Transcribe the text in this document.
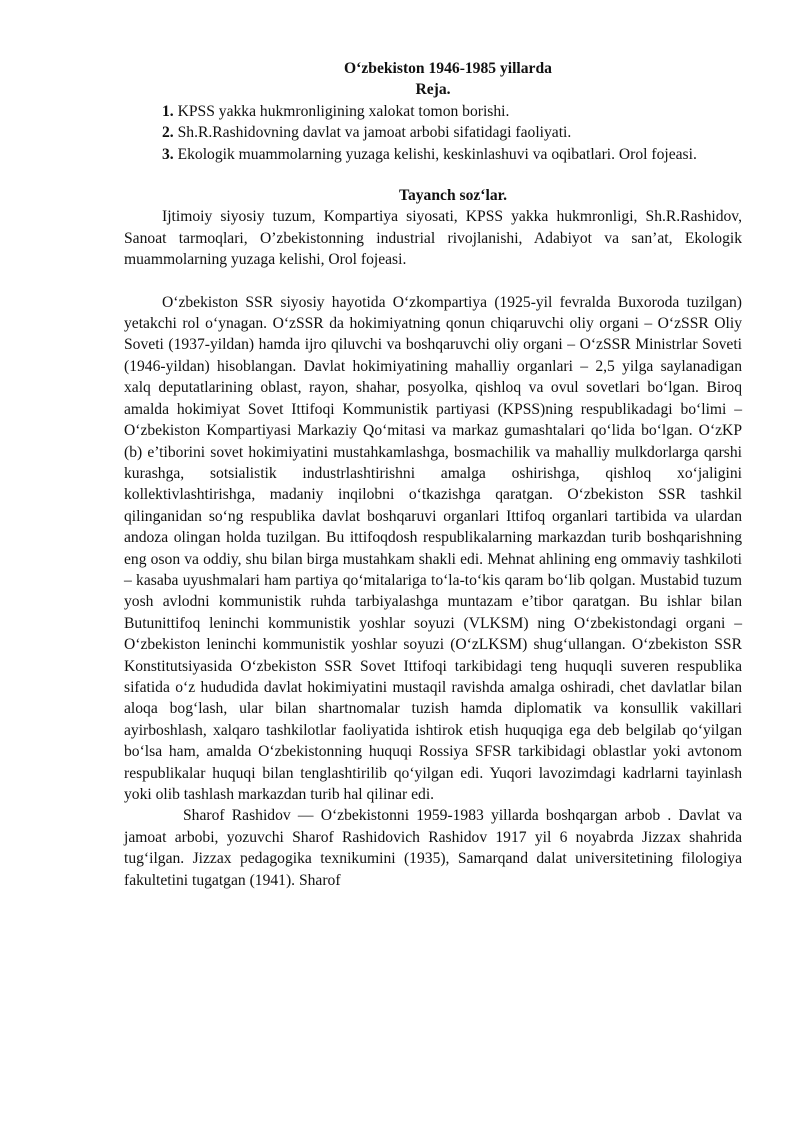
O‘zbekiston 1946-1985 yillarda

Reja.

1. KPSS yakka hukmronligining xalokat tomon borishi.

2. Sh.R.Rashidovning davlat va jamoat arbobi sifatidagi faoliyati.

3. Ekologik muammolarning yuzaga kelishi, keskinlashuvi va oqibatlari. Orol fojeasi.

Tayanch soz‘lar.

Ijtimoiy siyosiy tuzum, Kompartiya siyosati, KPSS yakka hukmronligi, Sh.R.Rashidov, Sanoat tarmoqlari, O’zbekistonning industrial rivojlanishi, Adabiyot va san’at, Ekologik muammolarning yuzaga kelishi, Orol fojeasi.

O‘zbekiston SSR siyosiy hayotida O‘zkompartiya (1925-yil fevralda Buxoroda tuzilgan) yetakchi rol o‘ynagan. O‘zSSR da hokimiyatning qonun chiqaruvchi oliy organi – O‘zSSR Oliy Soveti (1937-yildan) hamda ijro qiluvchi va boshqaruvchi oliy organi – O‘zSSR Ministrlar Soveti (1946-yildan) hisoblangan. Davlat hokimiyatining mahalliy organlari – 2,5 yilga saylanadigan xalq deputatlarining oblast, rayon, shahar, posyolka, qishloq va ovul sovetlari bo‘lgan. Biroq amalda hokimiyat Sovet Ittifoqi Kommunistik partiyasi (KPSS)ning respublikadagi bo‘limi – O‘zbekiston Kompartiyasi Markaziy Qo‘mitasi va markaz gumashtalari qo‘lida bo‘lgan. O‘zKP (b) e’tiborini sovet hokimiyatini mustahkamlashga, bosmachilik va mahalliy mulkdorlarga qarshi kurashga, sotsialistik industrlashtirishni amalga oshirishga, qishloq xo‘jaligini kollektivlashtirishga, madaniy inqilobni o‘tkazishga qaratgan. O‘zbekiston SSR tashkil qilinganidan so‘ng respublika davlat boshqaruvi organlari Ittifoq organlari tartibida va ulardan andoza olingan holda tuzilgan. Bu ittifoqdosh respublikalarning markazdan turib boshqarishning eng oson va oddiy, shu bilan birga mustahkam shakli edi. Mehnat ahlining eng ommaviy tashkiloti – kasaba uyushmalari ham partiya qo‘mitalariga to‘la-to‘kis qaram bo‘lib qolgan. Mustabid tuzum yosh avlodni kommunistik ruhda tarbiyalashga muntazam e’tibor qaratgan. Bu ishlar bilan Butunittifoq leninchi kommunistik yoshlar soyuzi (VLKSM) ning O‘zbekistondagi organi – O‘zbekiston leninchi kommunistik yoshlar soyuzi (O‘zLKSM) shug‘ullangan. O‘zbekiston SSR Konstitutsiyasida O‘zbekiston SSR Sovet Ittifoqi tarkibidagi teng huquqli suveren respublika sifatida o‘z hududida davlat hokimiyatini mustaqil ravishda amalga oshiradi, chet davlatlar bilan aloqa bog‘lash, ular bilan shartnomalar tuzish hamda diplomatik va konsullik vakillari ayirboshlash, xalqaro tashkilotlar faoliyatida ishtirok etish huquqiga ega deb belgilab qo‘yilgan bo‘lsa ham, amalda O‘zbekistonning huquqi Rossiya SFSR tarkibidagi oblastlar yoki avtonom respublikalar huquqi bilan tenglashtirilib qo‘yilgan edi. Yuqori lavozimdagi kadrlarni tayinlash yoki olib tashlash markazdan turib hal qilinar edi.

Sharof Rashidov — O‘zbekistonni 1959-1983 yillarda boshqargan arbob . Davlat va jamoat arbobi, yozuvchi Sharof Rashidovich Rashidov 1917 yil 6 noyabrda Jizzax shahrida tug‘ilgan. Jizzax pedagogika texnikumini (1935), Samarqand dalat universitetining filologiya fakultetini tugatgan (1941). Sharof
